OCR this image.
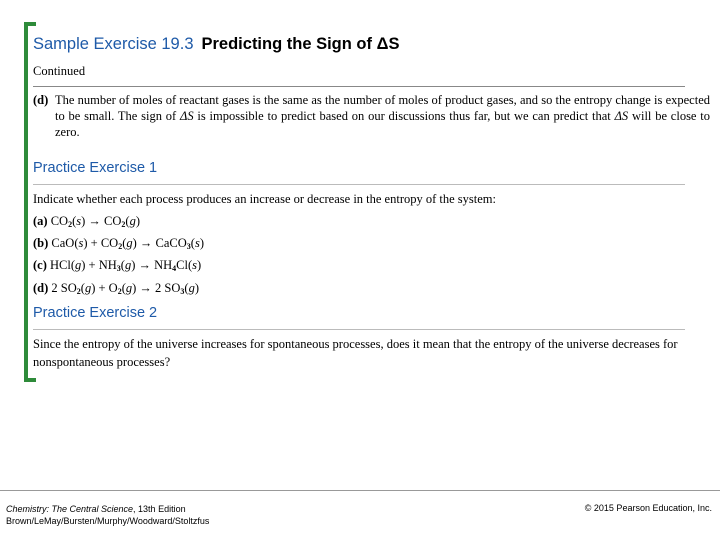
Sample Exercise 19.3 Predicting the Sign of ΔS
Continued
(d) The number of moles of reactant gases is the same as the number of moles of product gases, and so the entropy change is expected to be small. The sign of ΔS is impossible to predict based on our discussions thus far, but we can predict that ΔS will be close to zero.
Practice Exercise 1
Indicate whether each process produces an increase or decrease in the entropy of the system:
(a) $CO_2(s) \to CO_2(g)$
(b) $CaO(s) + CO_2(g)$ → CaCO$_3$(s)
(c) $HCl(g) + NH_3(g) \to NH_4Cl(s)$
(d) 2 $SO_2(g) + O_2(g) \to 2$ $SO_3(g)$
Practice Exercise 2
Since the entropy of the universe increases for spontaneous processes, does it mean that the entropy of the universe decreases for nonspontaneous processes?
Chemistry: The Central Science, 13th Edition
Brown/LeMay/Bursten/Murphy/Woodward/Stoltzfus
© 2015 Pearson Education, Inc.
